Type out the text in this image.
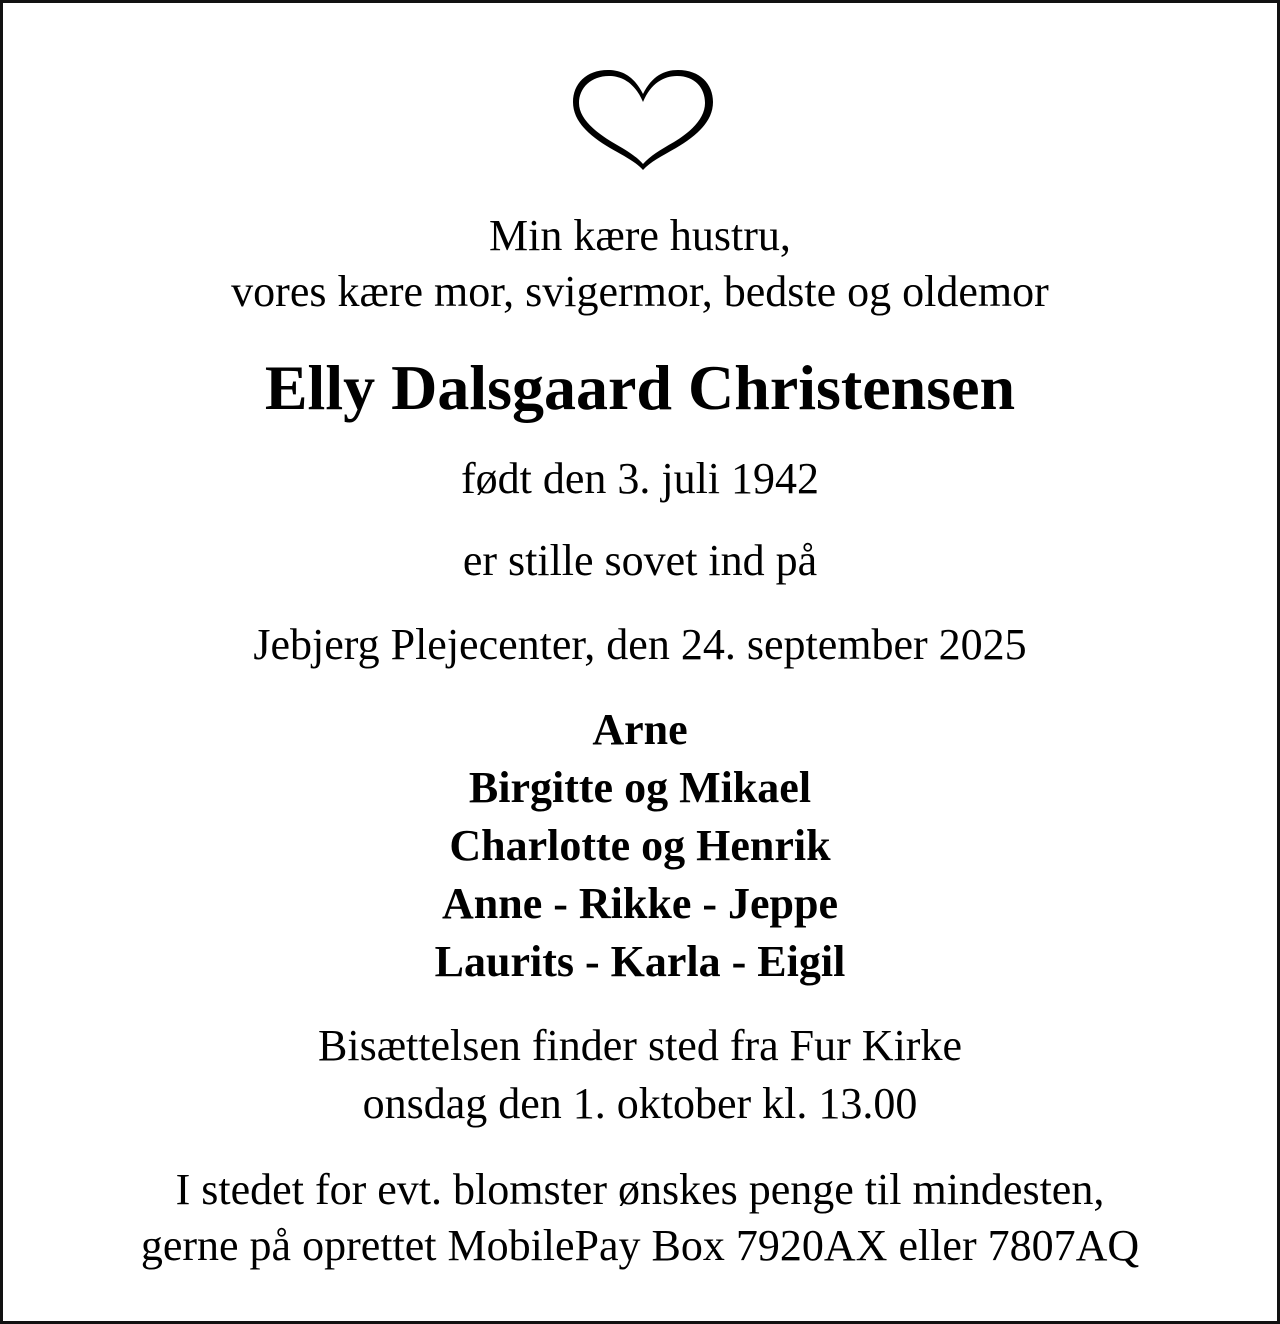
Min kære hustru,
vores kære mor, svigermor, bedste og oldemor
Elly Dalsgaard Christensen
født den 3. juli 1942
er stille sovet ind på
Jebjerg Plejecenter, den 24. september 2025
Arne
Birgitte og Mikael
Charlotte og Henrik
Anne - Rikke - Jeppe
Laurits - Karla - Eigil
Bisættelsen finder sted fra Fur Kirke
onsdag den 1. oktober kl. 13.00
I stedet for evt. blomster ønskes penge til mindesten,
gerne på oprettet MobilePay Box 7920AX eller 7807AQ
